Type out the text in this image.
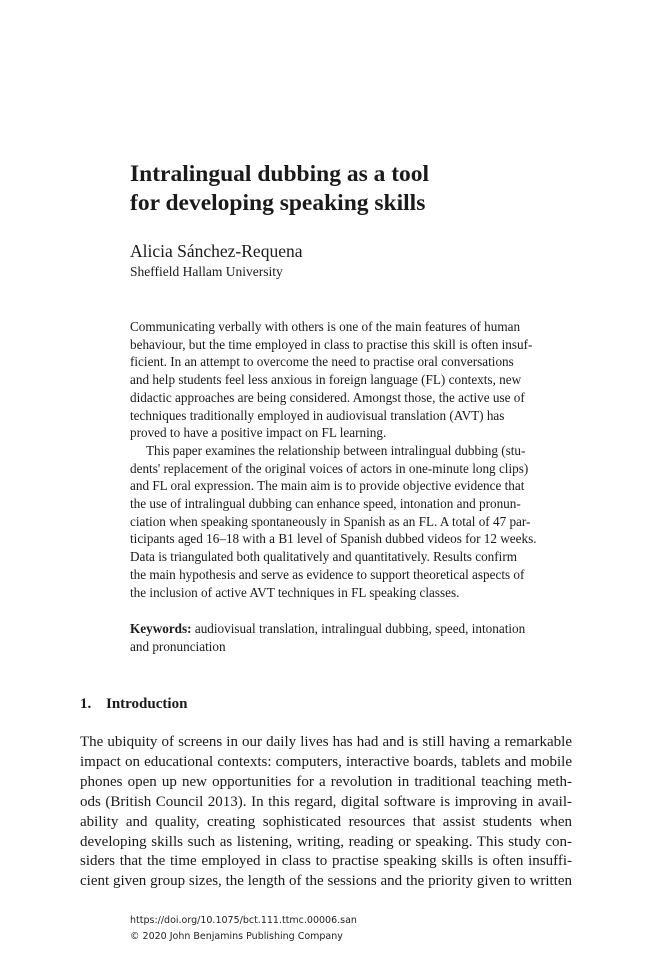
Intralingual dubbing as a tool
for developing speaking skills
Alicia Sánchez-Requena
Sheffield Hallam University
Communicating verbally with others is one of the main features of human
behaviour, but the time employed in class to practise this skill is often insuf-
ficient. In an attempt to overcome the need to practise oral conversations
and help students feel less anxious in foreign language (FL) contexts, new
didactic approaches are being considered. Amongst those, the active use of
techniques traditionally employed in audiovisual translation (AVT) has
proved to have a positive impact on FL learning.
This paper examines the relationship between intralingual dubbing (stu-
dents' replacement of the original voices of actors in one-minute long clips)
and FL oral expression. The main aim is to provide objective evidence that
the use of intralingual dubbing can enhance speed, intonation and pronun-
ciation when speaking spontaneously in Spanish as an FL. A total of 47 par-
ticipants aged 16–18 with a B1 level of Spanish dubbed videos for 12 weeks.
Data is triangulated both qualitatively and quantitatively. Results confirm
the main hypothesis and serve as evidence to support theoretical aspects of
the inclusion of active AVT techniques in FL speaking classes.
Keywords: audiovisual translation, intralingual dubbing, speed, intonation
and pronunciation
1. Introduction
The ubiquity of screens in our daily lives has had and is still having a remarkable
impact on educational contexts: computers, interactive boards, tablets and mobile
phones open up new opportunities for a revolution in traditional teaching meth-
ods (British Council 2013). In this regard, digital software is improving in avail-
ability and quality, creating sophisticated resources that assist students when
developing skills such as listening, writing, reading or speaking. This study con-
siders that the time employed in class to practise speaking skills is often insuffi-
cient given group sizes, the length of the sessions and the priority given to written
https://doi.org/10.1075/bct.111.ttmc.00006.san
© 2020 John Benjamins Publishing Company
